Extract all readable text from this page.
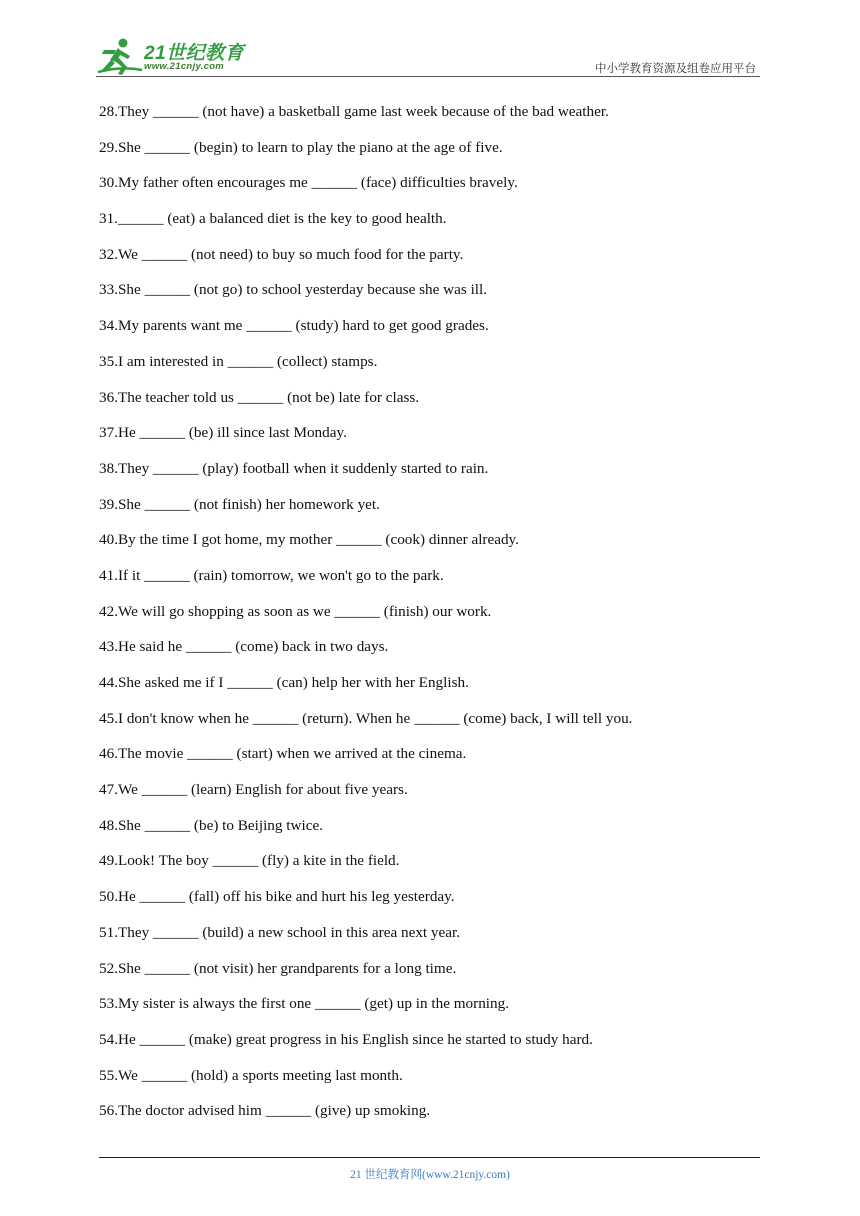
21世纪教育
www.21cnjy.com	中小学教育资源及组卷应用平台
28.They ______ (not have) a basketball game last week because of the bad weather.
29.She ______ (begin) to learn to play the piano at the age of five.
30.My father often encourages me ______ (face) difficulties bravely.
31.______ (eat) a balanced diet is the key to good health.
32.We ______ (not need) to buy so much food for the party.
33.She ______ (not go) to school yesterday because she was ill.
34.My parents want me ______ (study) hard to get good grades.
35.I am interested in ______ (collect) stamps.
36.The teacher told us ______ (not be) late for class.
37.He ______ (be) ill since last Monday.
38.They ______ (play) football when it suddenly started to rain.
39.She ______ (not finish) her homework yet.
40.By the time I got home, my mother ______ (cook) dinner already.
41.If it ______ (rain) tomorrow, we won't go to the park.
42.We will go shopping as soon as we ______ (finish) our work.
43.He said he ______ (come) back in two days.
44.She asked me if I ______ (can) help her with her English.
45.I don't know when he ______ (return). When he ______ (come) back, I will tell you.
46.The movie ______ (start) when we arrived at the cinema.
47.We ______ (learn) English for about five years.
48.She ______ (be) to Beijing twice.
49.Look! The boy ______ (fly) a kite in the field.
50.He ______ (fall) off his bike and hurt his leg yesterday.
51.They ______ (build) a new school in this area next year.
52.She ______ (not visit) her grandparents for a long time.
53.My sister is always the first one ______ (get) up in the morning.
54.He ______ (make) great progress in his English since he started to study hard.
55.We ______ (hold) a sports meeting last month.
56.The doctor advised him ______ (give) up smoking.
21 世纪教育网(www.21cnjy.com)
